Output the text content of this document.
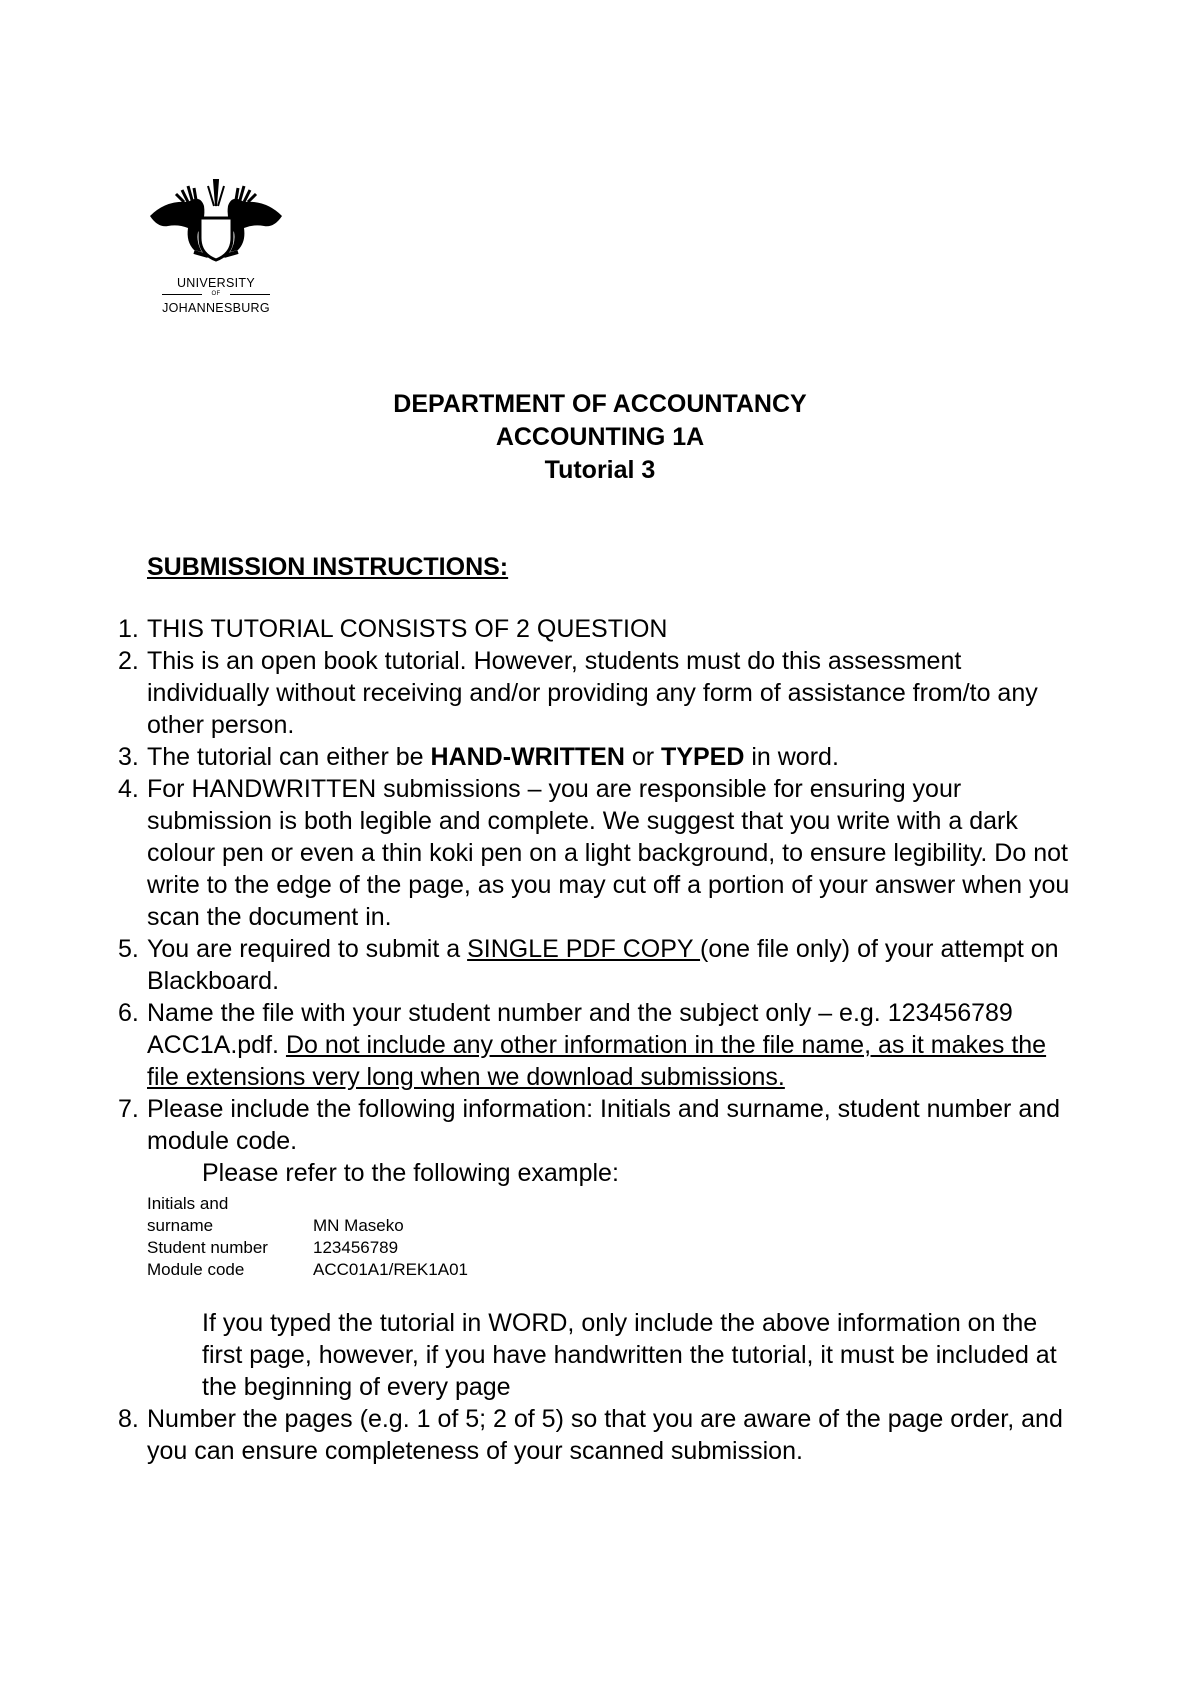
UNIVERSITY
OF
JOHANNESBURG
DEPARTMENT OF ACCOUNTANCY
ACCOUNTING 1A
Tutorial 3
SUBMISSION INSTRUCTIONS:
1. THIS TUTORIAL CONSISTS OF 2 QUESTION
2. This is an open book tutorial. However, students must do this assessment individually without receiving and/or providing any form of assistance from/to any other person.
3. The tutorial can either be HAND-WRITTEN or TYPED in word.
4. For HANDWRITTEN submissions – you are responsible for ensuring your submission is both legible and complete. We suggest that you write with a dark colour pen or even a thin koki pen on a light background, to ensure legibility. Do not write to the edge of the page, as you may cut off a portion of your answer when you scan the document in.
5. You are required to submit a SINGLE PDF COPY (one file only) of your attempt on Blackboard.
6. Name the file with your student number and the subject only – e.g. 123456789 ACC1A.pdf. Do not include any other information in the file name, as it makes the file extensions very long when we download submissions.
7. Please include the following information: Initials and surname, student number and module code.
Please refer to the following example:
Initials and	
surname	MN Maseko
Student number	123456789
Module code	ACC01A1/REK1A01
If you typed the tutorial in WORD, only include the above information on the first page, however, if you have handwritten the tutorial, it must be included at the beginning of every page
8. Number the pages (e.g. 1 of 5; 2 of 5) so that you are aware of the page order, and you can ensure completeness of your scanned submission.
